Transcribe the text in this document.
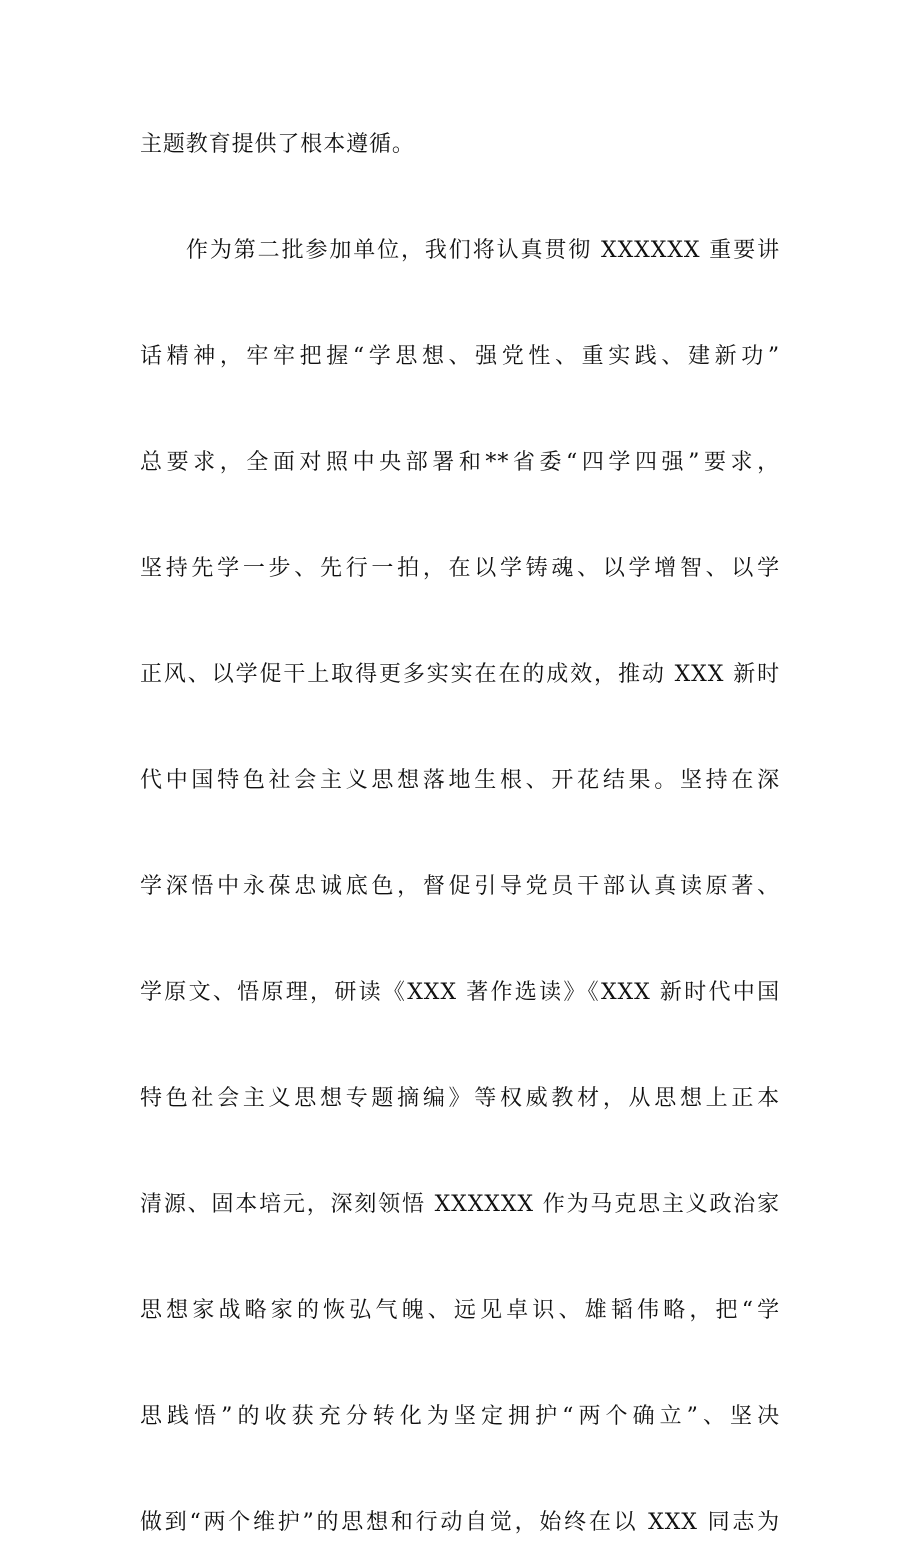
主题教育提供了根本遵循。
作为第二批参加单位，我们将认真贯彻 XXXXXX 重要讲
话精神，牢牢把握“学思想、强党性、重实践、建新功”
总要求，全面对照中央部署和**省委“四学四强”要求，
坚持先学一步、先行一拍，在以学铸魂、以学增智、以学
正风、以学促干上取得更多实实在在的成效，推动 XXX 新时
代中国特色社会主义思想落地生根、开花结果。坚持在深
学深悟中永葆忠诚底色，督促引导党员干部认真读原著、
学原文、悟原理，研读《XXX 著作选读》《XXX 新时代中国
特色社会主义思想专题摘编》等权威教材，从思想上正本
清源、固本培元，深刻领悟 XXXXXX 作为马克思主义政治家
思想家战略家的恢弘气魄、远见卓识、雄韬伟略，把“学
思践悟”的收获充分转化为坚定拥护“两个确立”、坚决
做到“两个维护”的思想和行动自觉，始终在以 XXX 同志为
